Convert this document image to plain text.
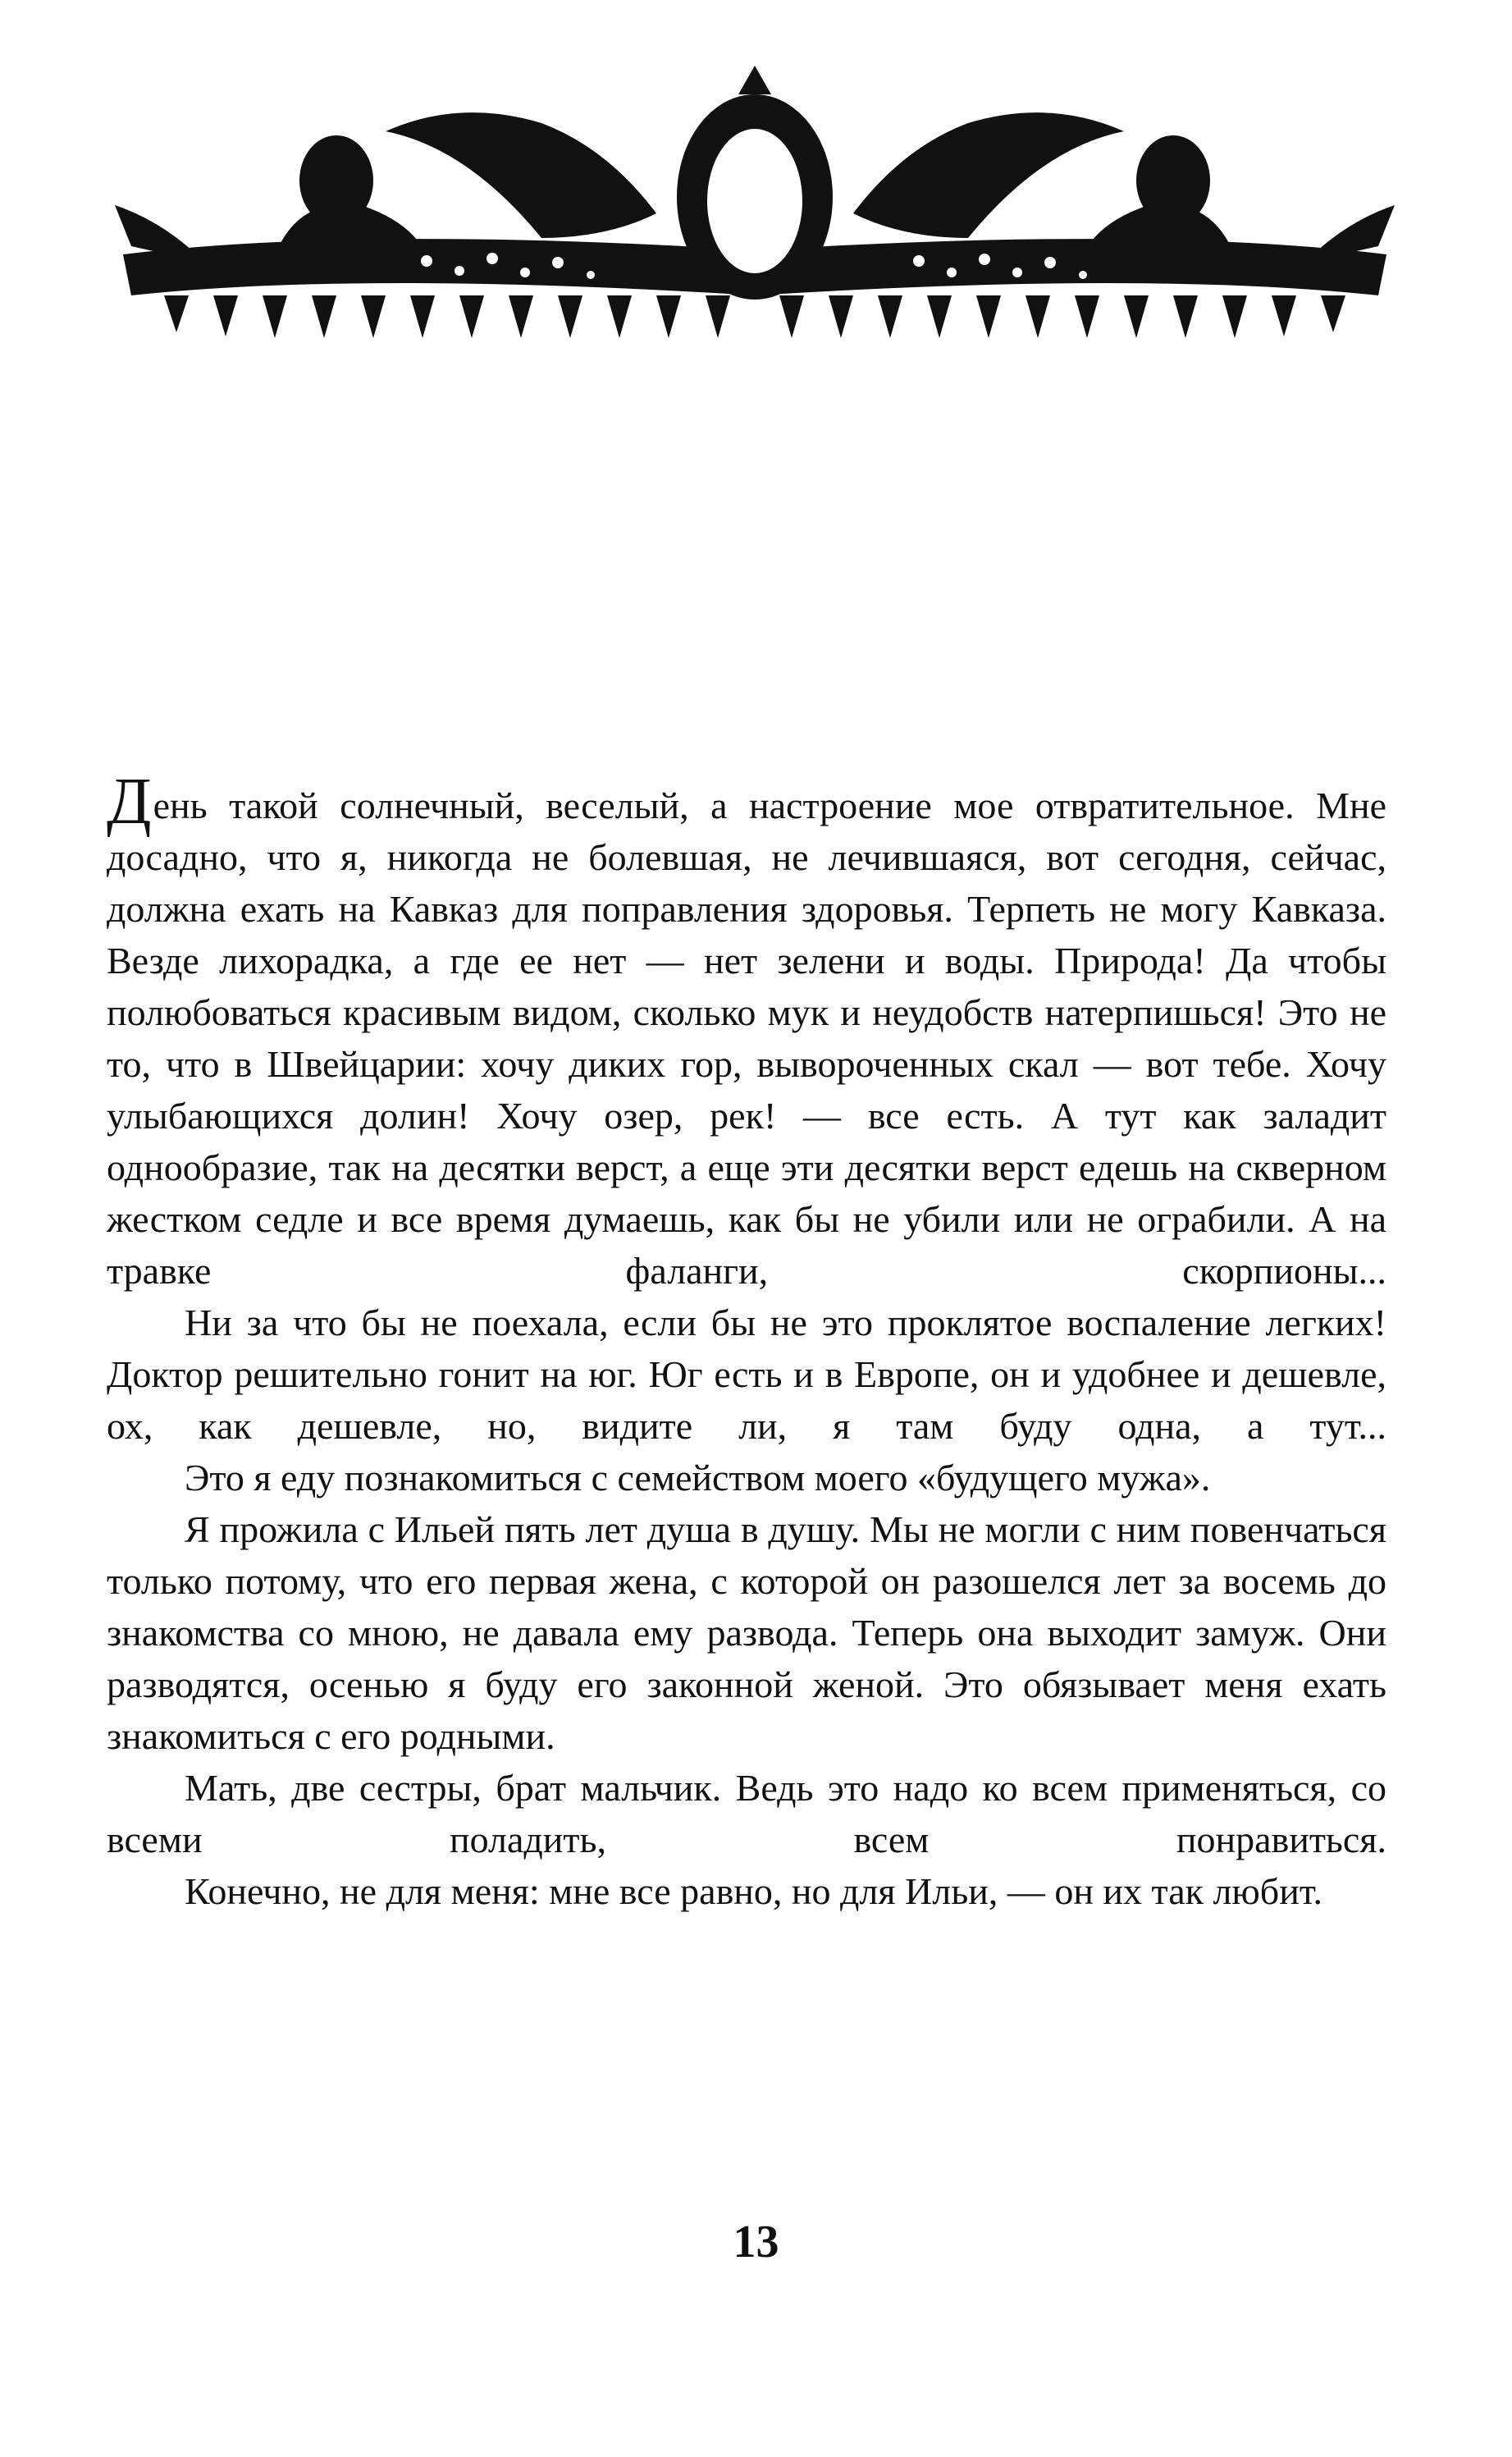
День такой солнечный, веселый, а настроение мое отвратительное. Мне досадно, что я, никогда не болевшая, не лечившаяся, вот сегодня, сейчас, должна ехать на Кавказ для поправления здоровья. Терпеть не могу Кавказа. Везде лихорадка, а где ее нет — нет зелени и воды. Природа! Да чтобы полюбоваться красивым видом, сколько мук и неудобств натерпишься! Это не то, что в Швейцарии: хочу диких гор, вывороченных скал — вот тебе. Хочу улыбающихся долин! Хочу озер, рек! — все есть. А тут как заладит однообразие, так на десятки верст, а еще эти десятки верст едешь на скверном жестком седле и все время думаешь, как бы не убили или не ограбили. А на травке фаланги, скорпионы...

Ни за что бы не поехала, если бы не это проклятое воспаление легких! Доктор решительно гонит на юг. Юг есть и в Европе, он и удобнее и дешевле, ох, как дешевле, но, видите ли, я там буду одна, а тут...

Это я еду познакомиться с семейством моего «будущего мужа».

Я прожила с Ильей пять лет душа в душу. Мы не могли с ним повенчаться только потому, что его первая жена, с которой он разошелся лет за восемь до знакомства со мною, не давала ему развода. Теперь она выходит замуж. Они разводятся, осенью я буду его законной женой. Это обязывает меня ехать знакомиться с его родными.

Мать, две сестры, брат мальчик. Ведь это надо ко всем применяться, со всеми поладить, всем понравиться.

Конечно, не для меня: мне все равно, но для Ильи, — он их так любит.

13
